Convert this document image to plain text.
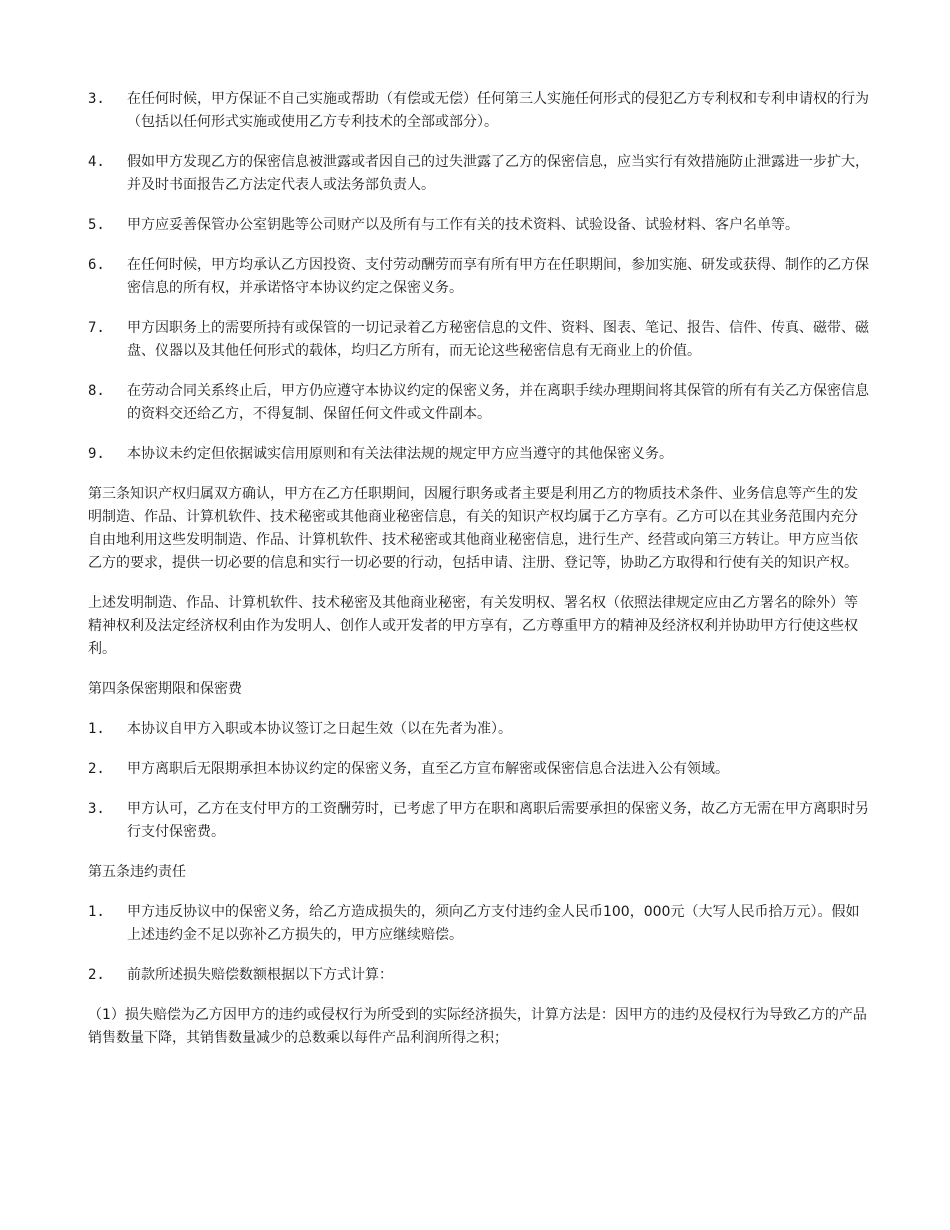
3.	在任何时候，甲方保证不自己实施或帮助（有偿或无偿）任何第三人实施任何形式的侵犯乙方专利权和专利申请权的行为（包括以任何形式实施或使用乙方专利技术的全部或部分）。
4.	假如甲方发现乙方的保密信息被泄露或者因自己的过失泄露了乙方的保密信息，应当实行有效措施防止泄露进一步扩大，并及时书面报告乙方法定代表人或法务部负责人。
5.	甲方应妥善保管办公室钥匙等公司财产以及所有与工作有关的技术资料、试验设备、试验材料、客户名单等。
6.	在任何时候，甲方均承认乙方因投资、支付劳动酬劳而享有所有甲方在任职期间，参加实施、研发或获得、制作的乙方保密信息的所有权，并承诺恪守本协议约定之保密义务。
7.	甲方因职务上的需要所持有或保管的一切记录着乙方秘密信息的文件、资料、图表、笔记、报告、信件、传真、磁带、磁盘、仪器以及其他任何形式的载体，均归乙方所有，而无论这些秘密信息有无商业上的价值。
8.	在劳动合同关系终止后，甲方仍应遵守本协议约定的保密义务，并在离职手续办理期间将其保管的所有有关乙方保密信息的资料交还给乙方，不得复制、保留任何文件或文件副本。
9.	本协议未约定但依据诚实信用原则和有关法律法规的规定甲方应当遵守的其他保密义务。

第三条知识产权归属双方确认，甲方在乙方任职期间，因履行职务或者主要是利用乙方的物质技术条件、业务信息等产生的发明制造、作品、计算机软件、技术秘密或其他商业秘密信息，有关的知识产权均属于乙方享有。乙方可以在其业务范围内充分自由地利用这些发明制造、作品、计算机软件、技术秘密或其他商业秘密信息，进行生产、经营或向第三方转让。甲方应当依乙方的要求，提供一切必要的信息和实行一切必要的行动，包括申请、注册、登记等，协助乙方取得和行使有关的知识产权。

上述发明制造、作品、计算机软件、技术秘密及其他商业秘密，有关发明权、署名权（依照法律规定应由乙方署名的除外）等精神权利及法定经济权利由作为发明人、创作人或开发者的甲方享有，乙方尊重甲方的精神及经济权利并协助甲方行使这些权利。

第四条保密期限和保密费

1.	本协议自甲方入职或本协议签订之日起生效（以在先者为准）。
2.	甲方离职后无限期承担本协议约定的保密义务，直至乙方宣布解密或保密信息合法进入公有领域。
3.	甲方认可，乙方在支付甲方的工资酬劳时，已考虑了甲方在职和离职后需要承担的保密义务，故乙方无需在甲方离职时另行支付保密费。

第五条违约责任

1.	甲方违反协议中的保密义务，给乙方造成损失的，须向乙方支付违约金人民币100，000元（大写人民币拾万元）。假如上述违约金不足以弥补乙方损失的，甲方应继续赔偿。
2.	前款所述损失赔偿数额根据以下方式计算：

（1）损失赔偿为乙方因甲方的违约或侵权行为所受到的实际经济损失，计算方法是：因甲方的违约及侵权行为导致乙方的产品销售数量下降，其销售数量减少的总数乘以每件产品利润所得之积；
